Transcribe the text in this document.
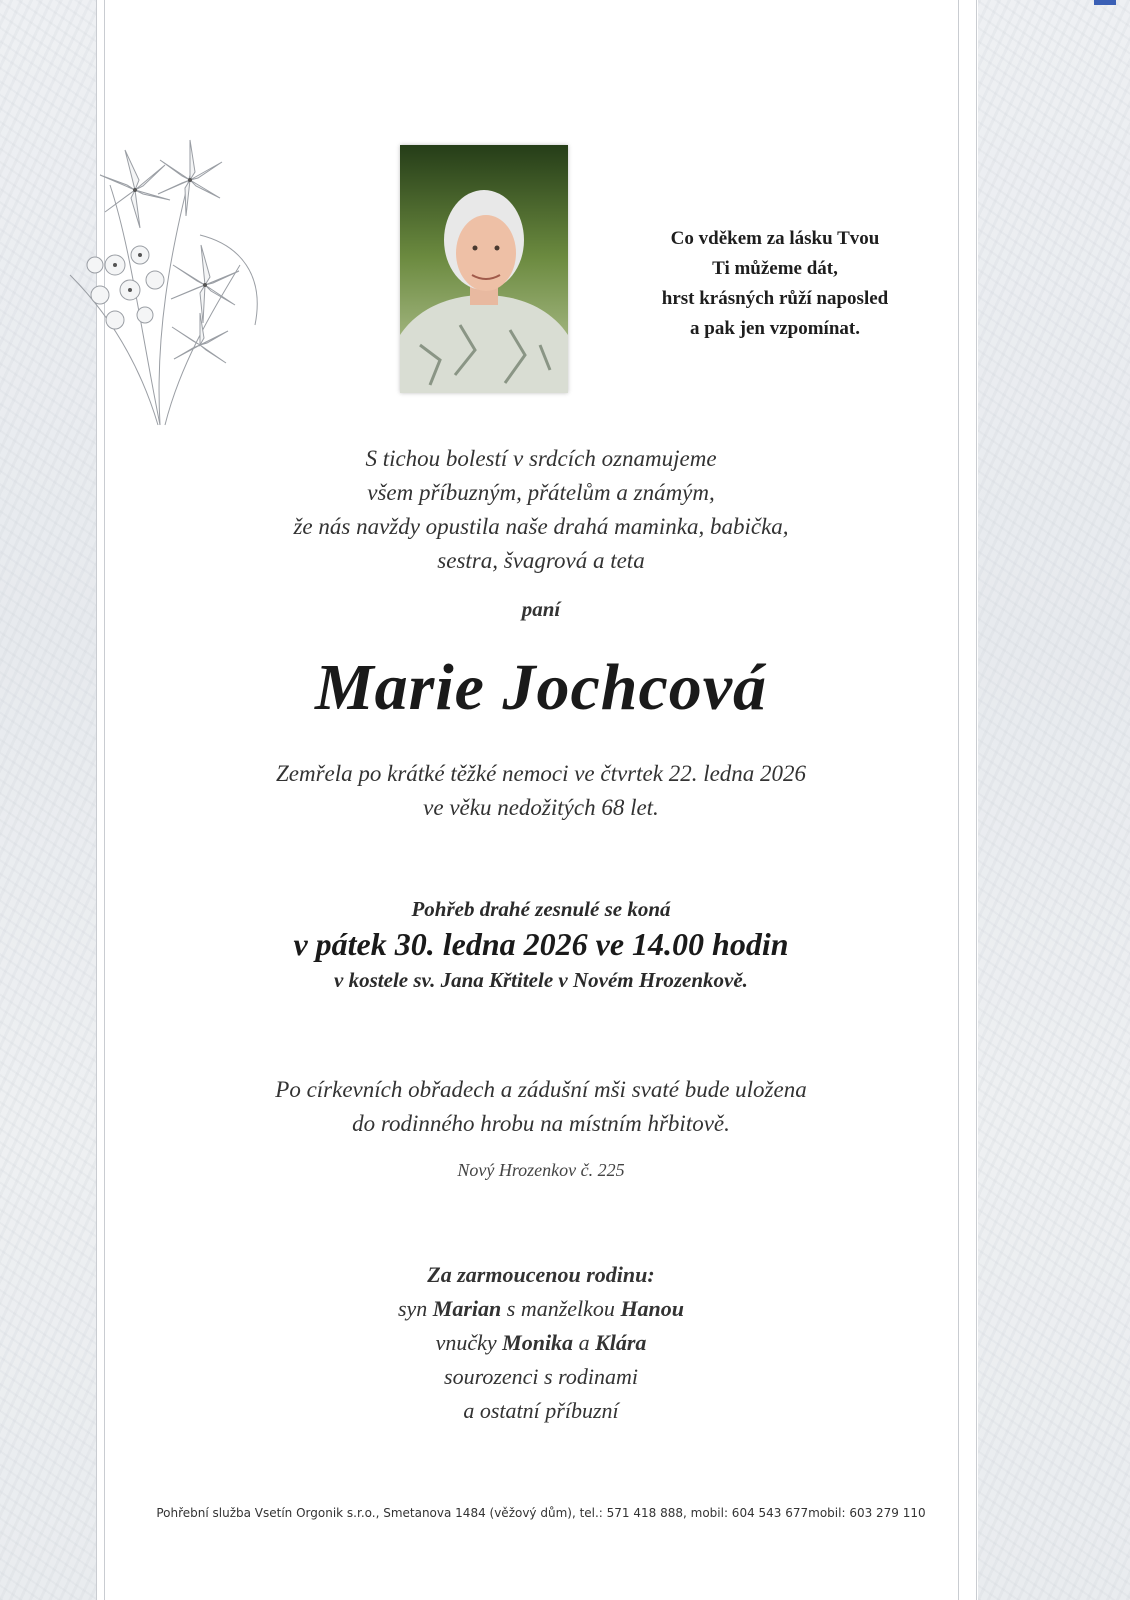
Co vděkem za lásku Tvou
Ti můžeme dát,
hrst krásných růží naposled
a pak jen vzpomínat.
S tichou bolestí v srdcích oznamujeme
všem příbuzným, přátelům a známým,
že nás navždy opustila naše drahá maminka, babička,
sestra, švagrová a teta
paní
Marie Jochcová
Zemřela po krátké těžké nemoci ve čtvrtek 22. ledna 2026
ve věku nedožitých 68 let.
Pohřeb drahé zesnulé se koná
v pátek 30. ledna 2026 ve 14.00 hodin
v kostele sv. Jana Křtitele v Novém Hrozenkově.
Po církevních obřadech a zádušní mši svaté bude uložena
do rodinného hrobu na místním hřbitově.
Nový Hrozenkov č. 225
Za zarmoucenou rodinu:
syn Marian s manželkou Hanou
vnučky Monika a Klára
sourozenci s rodinami
a ostatní příbuzní
Pohřební služba Vsetín Orgonik s.r.o., Smetanova 1484 (věžový dům), tel.: 571 418 888, mobil: 604 543 677mobil: 603 279 110
